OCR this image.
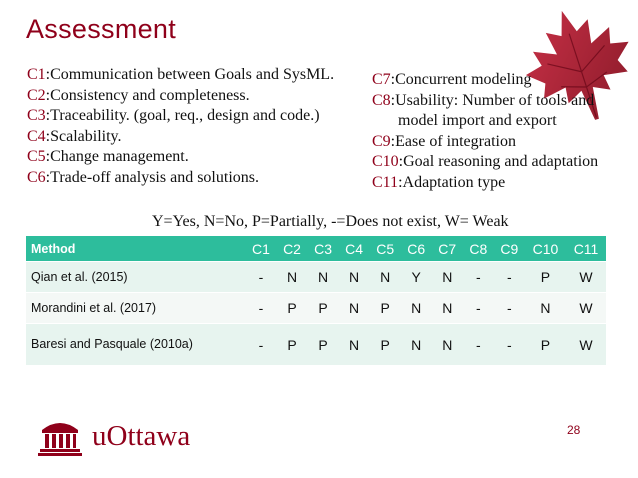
Assessment
C1:Communication between Goals and SysML.
C2:Consistency and completeness.
C3:Traceability. (goal, req., design and code.)
C4:Scalability.
C5:Change management.
C6:Trade-off analysis and solutions.
C7:Concurrent modeling
C8:Usability: Number of tools and
model import and export
C9:Ease of integration
C10:Goal reasoning and adaptation
C11:Adaptation type
Y=Yes, N=No, P=Partially, -=Does not exist, W= Weak
Method	C1	C2	C3	C4	C5	C6	C7	C8	C9	C10	C11
Qian et al. (2015)	-	N	N	N	N	Y	N	-	-	P	W
Morandini et al. (2017)	-	P	P	N	P	N	N	-	-	N	W
Baresi and Pasquale (2010a)	-	P	P	N	P	N	N	-	-	P	W
28
uOttawa
